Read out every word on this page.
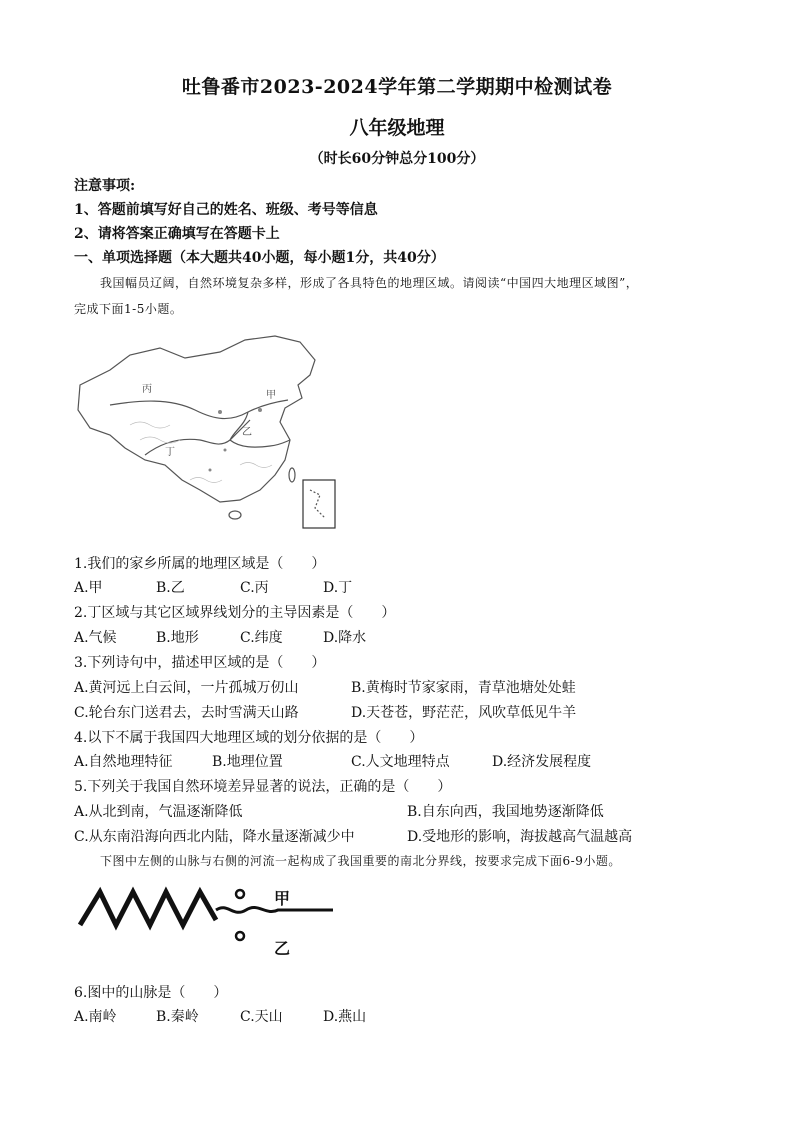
吐鲁番市2023-2024学年第二学期期中检测试卷
八年级地理
（时长60分钟总分100分）
注意事项:
1、答题前填写好自己的姓名、班级、考号等信息
2、请将答案正确填写在答题卡上
一、单项选择题（本大题共40小题，每小题1分，共40分）
我国幅员辽阔，自然环境复杂多样，形成了各具特色的地理区域。请阅读“中国四大地理区域图”，
完成下面1-5小题。
丙
乙
甲
丁
1.我们的家乡所属的地理区域是（　　）
A.甲	B.乙	C.丙	D.丁
2.丁区域与其它区域界线划分的主导因素是（　　）
A.气候	B.地形	C.纬度	D.降水
3.下列诗句中，描述甲区域的是（　　）
A.黄河远上白云间，一片孤城万仞山	B.黄梅时节家家雨，青草池塘处处蛙
C.轮台东门送君去，去时雪满天山路	D.天苍苍，野茫茫，风吹草低见牛羊
4.以下不属于我国四大地理区域的划分依据的是（　　）
A.自然地理特征	B.地理位置	C.人文地理特点	D.经济发展程度
5.下列关于我国自然环境差异显著的说法，正确的是（　　）
A.从北到南，气温逐渐降低	B.自东向西，我国地势逐渐降低
C.从东南沿海向西北内陆，降水量逐渐减少中	D.受地形的影响，海拔越高气温越高
下图中左侧的山脉与右侧的河流一起构成了我国重要的南北分界线，按要求完成下面6-9小题。
甲
乙
6.图中的山脉是（　　）
A.南岭	B.秦岭	C.天山	D.燕山
